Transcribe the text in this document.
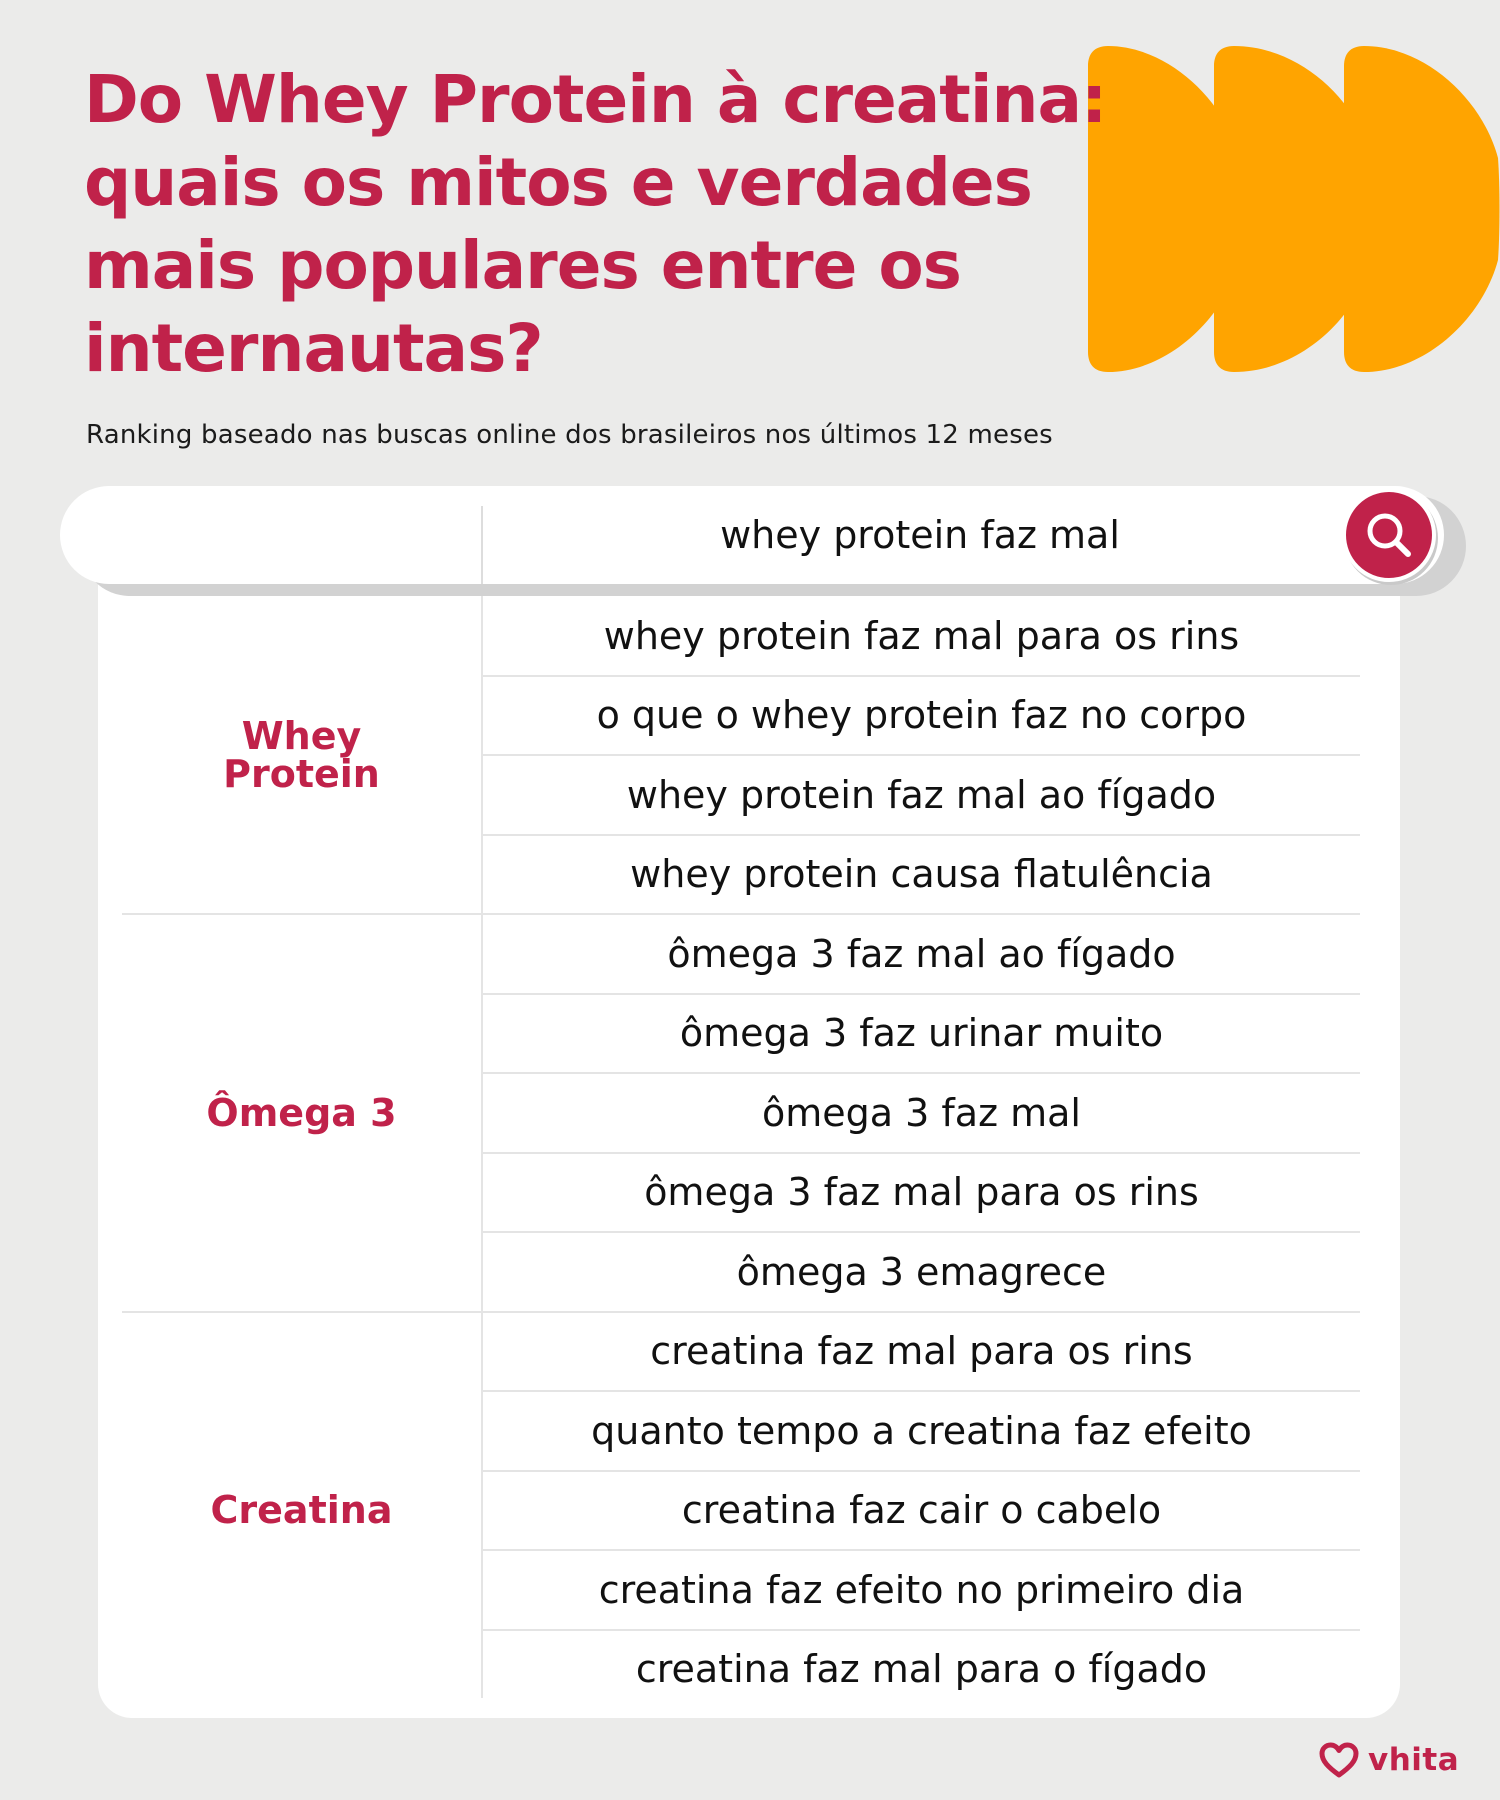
Do Whey Protein à creatina: quais os mitos e verdades mais populares entre os internautas?

Ranking baseado nas buscas online dos brasileiros nos últimos 12 meses

whey protein faz mal
whey protein faz mal para os rins
o que o whey protein faz no corpo
whey protein faz mal ao fígado
whey protein causa flatulência
Whey Protein
ômega 3 faz mal ao fígado
ômega 3 faz urinar muito
ômega 3 faz mal
ômega 3 faz mal para os rins
ômega 3 emagrece
Ômega 3
creatina faz mal para os rins
quanto tempo a creatina faz efeito
creatina faz cair o cabelo
creatina faz efeito no primeiro dia
creatina faz mal para o fígado
Creatina
vhita
